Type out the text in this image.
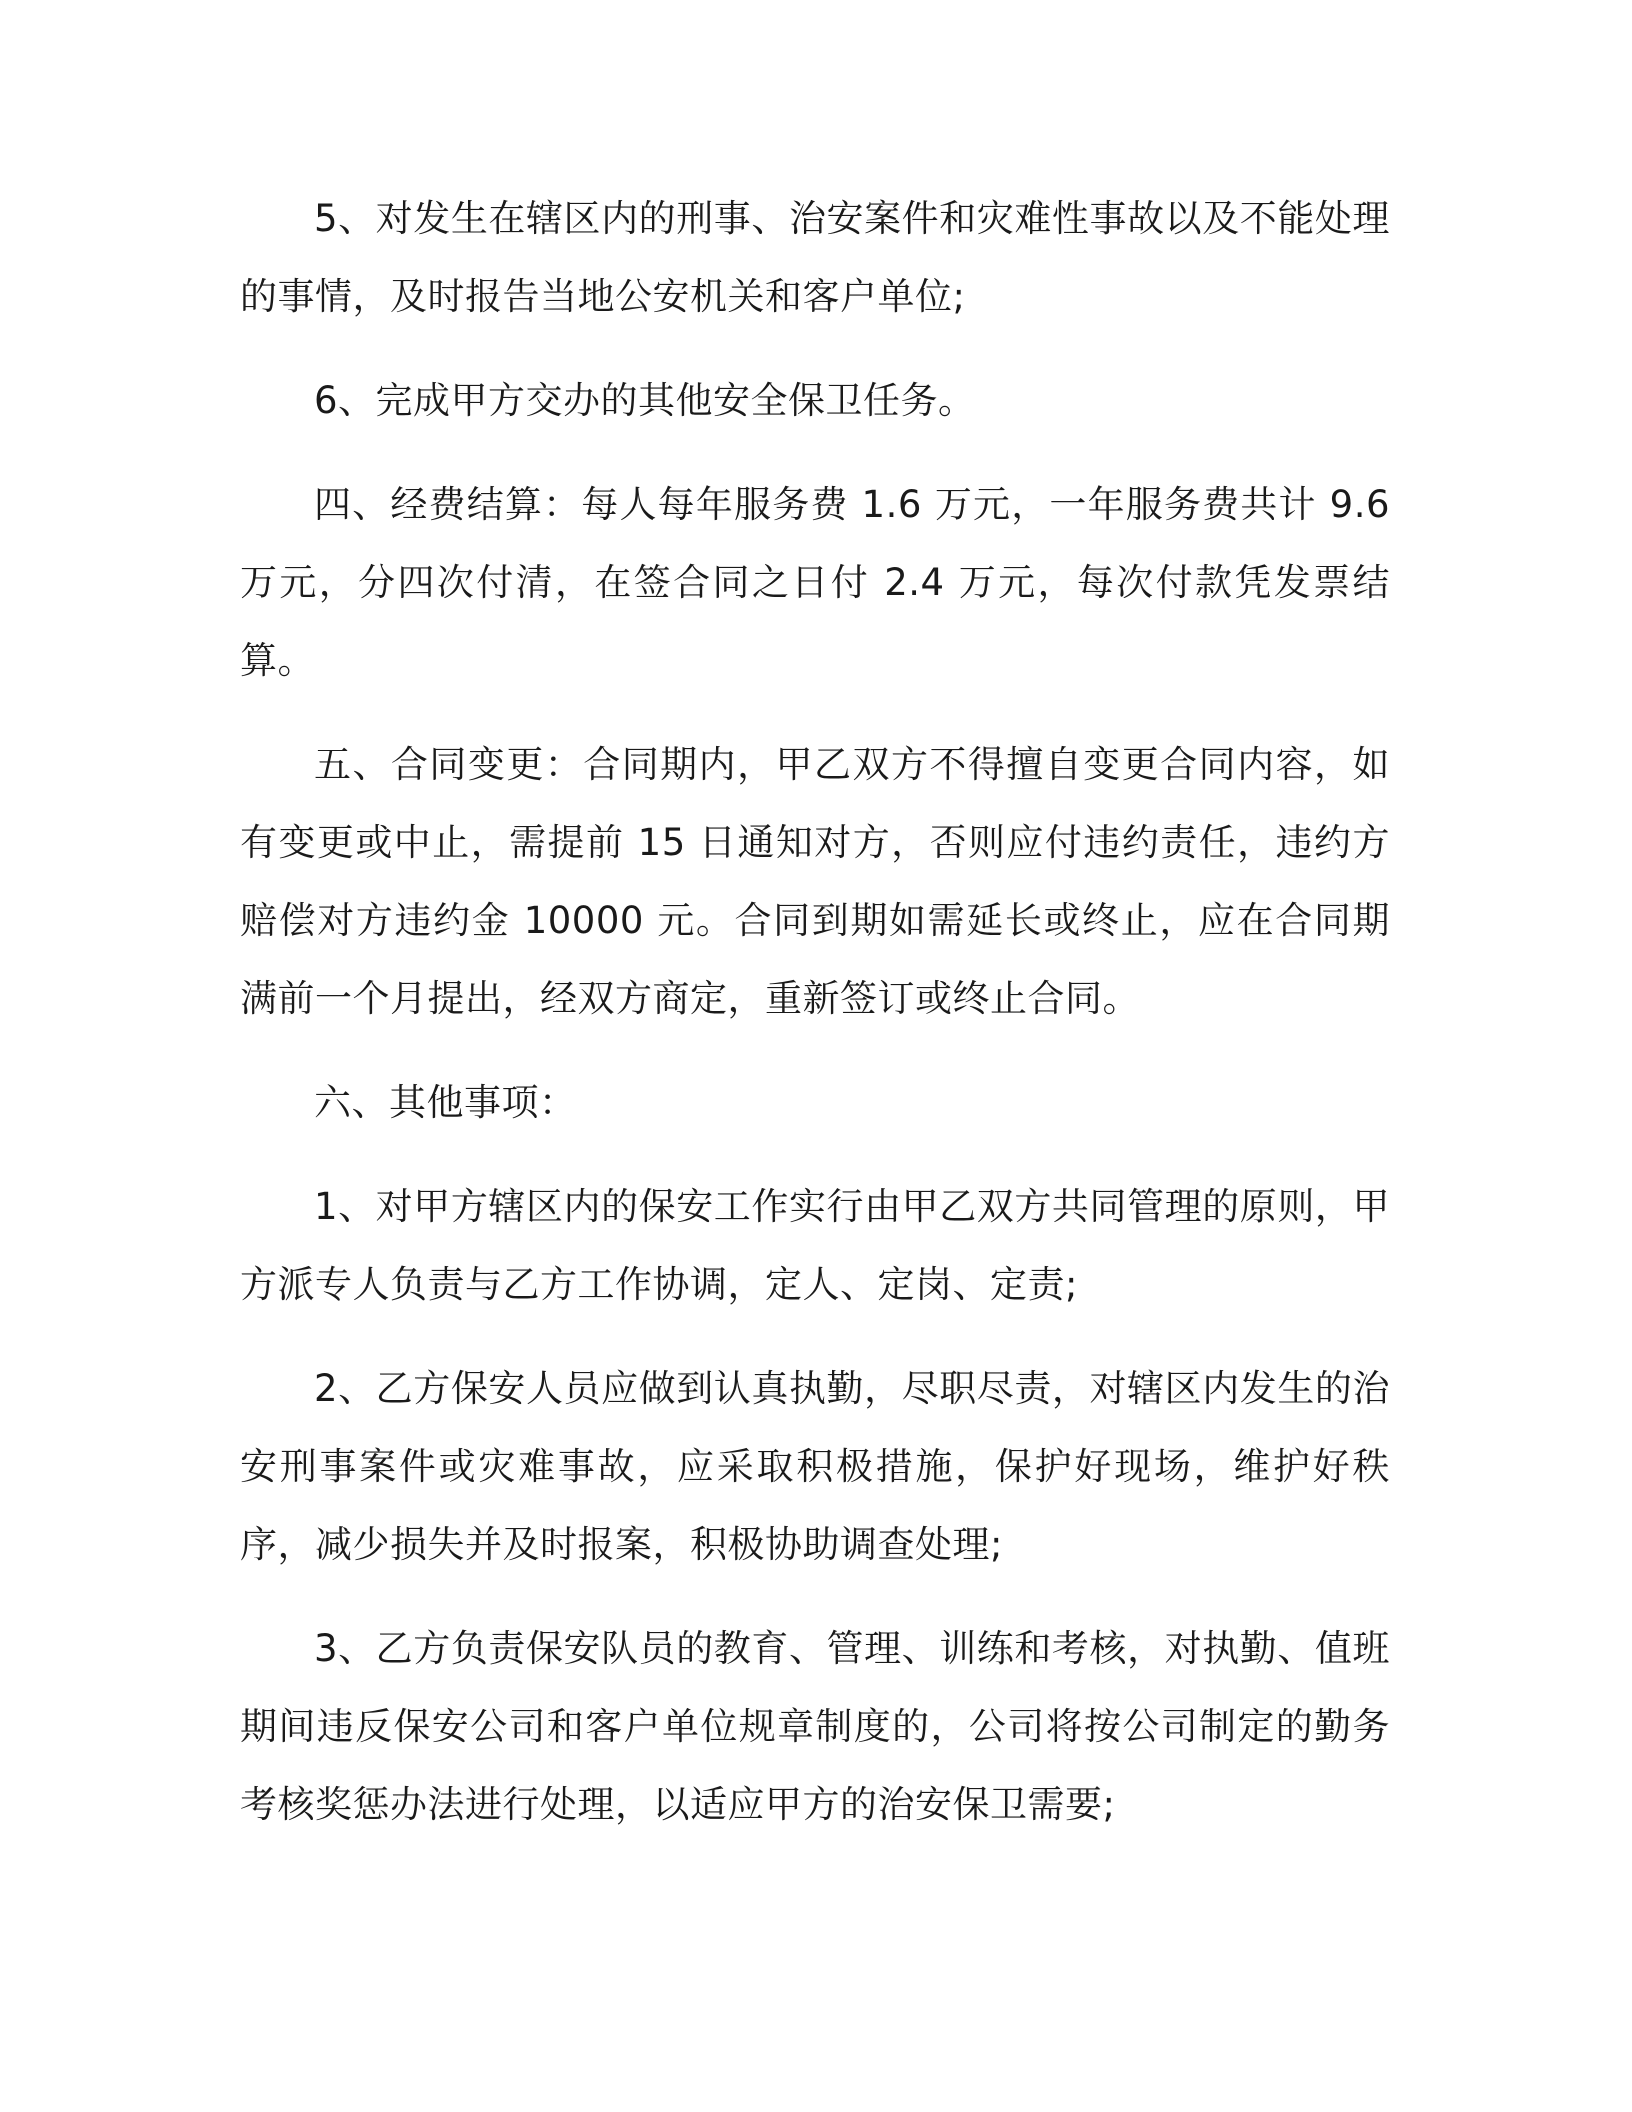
5、对发生在辖区内的刑事、治安案件和灾难性事故以及不能处理的事情，及时报告当地公安机关和客户单位;

6、完成甲方交办的其他安全保卫任务。

四、经费结算：每人每年服务费 1.6 万元，一年服务费共计 9.6 万元，分四次付清，在签合同之日付 2.4 万元，每次付款凭发票结算。

五、合同变更：合同期内，甲乙双方不得擅自变更合同内容，如有变更或中止，需提前 15 日通知对方，否则应付违约责任，违约方赔偿对方违约金 10000 元。合同到期如需延长或终止，应在合同期满前一个月提出，经双方商定，重新签订或终止合同。

六、其他事项：

1、对甲方辖区内的保安工作实行由甲乙双方共同管理的原则，甲方派专人负责与乙方工作协调，定人、定岗、定责;

2、乙方保安人员应做到认真执勤，尽职尽责，对辖区内发生的治安刑事案件或灾难事故，应采取积极措施，保护好现场，维护好秩序，减少损失并及时报案，积极协助调查处理;

3、乙方负责保安队员的教育、管理、训练和考核，对执勤、值班期间违反保安公司和客户单位规章制度的，公司将按公司制定的勤务考核奖惩办法进行处理，以适应甲方的治安保卫需要;
